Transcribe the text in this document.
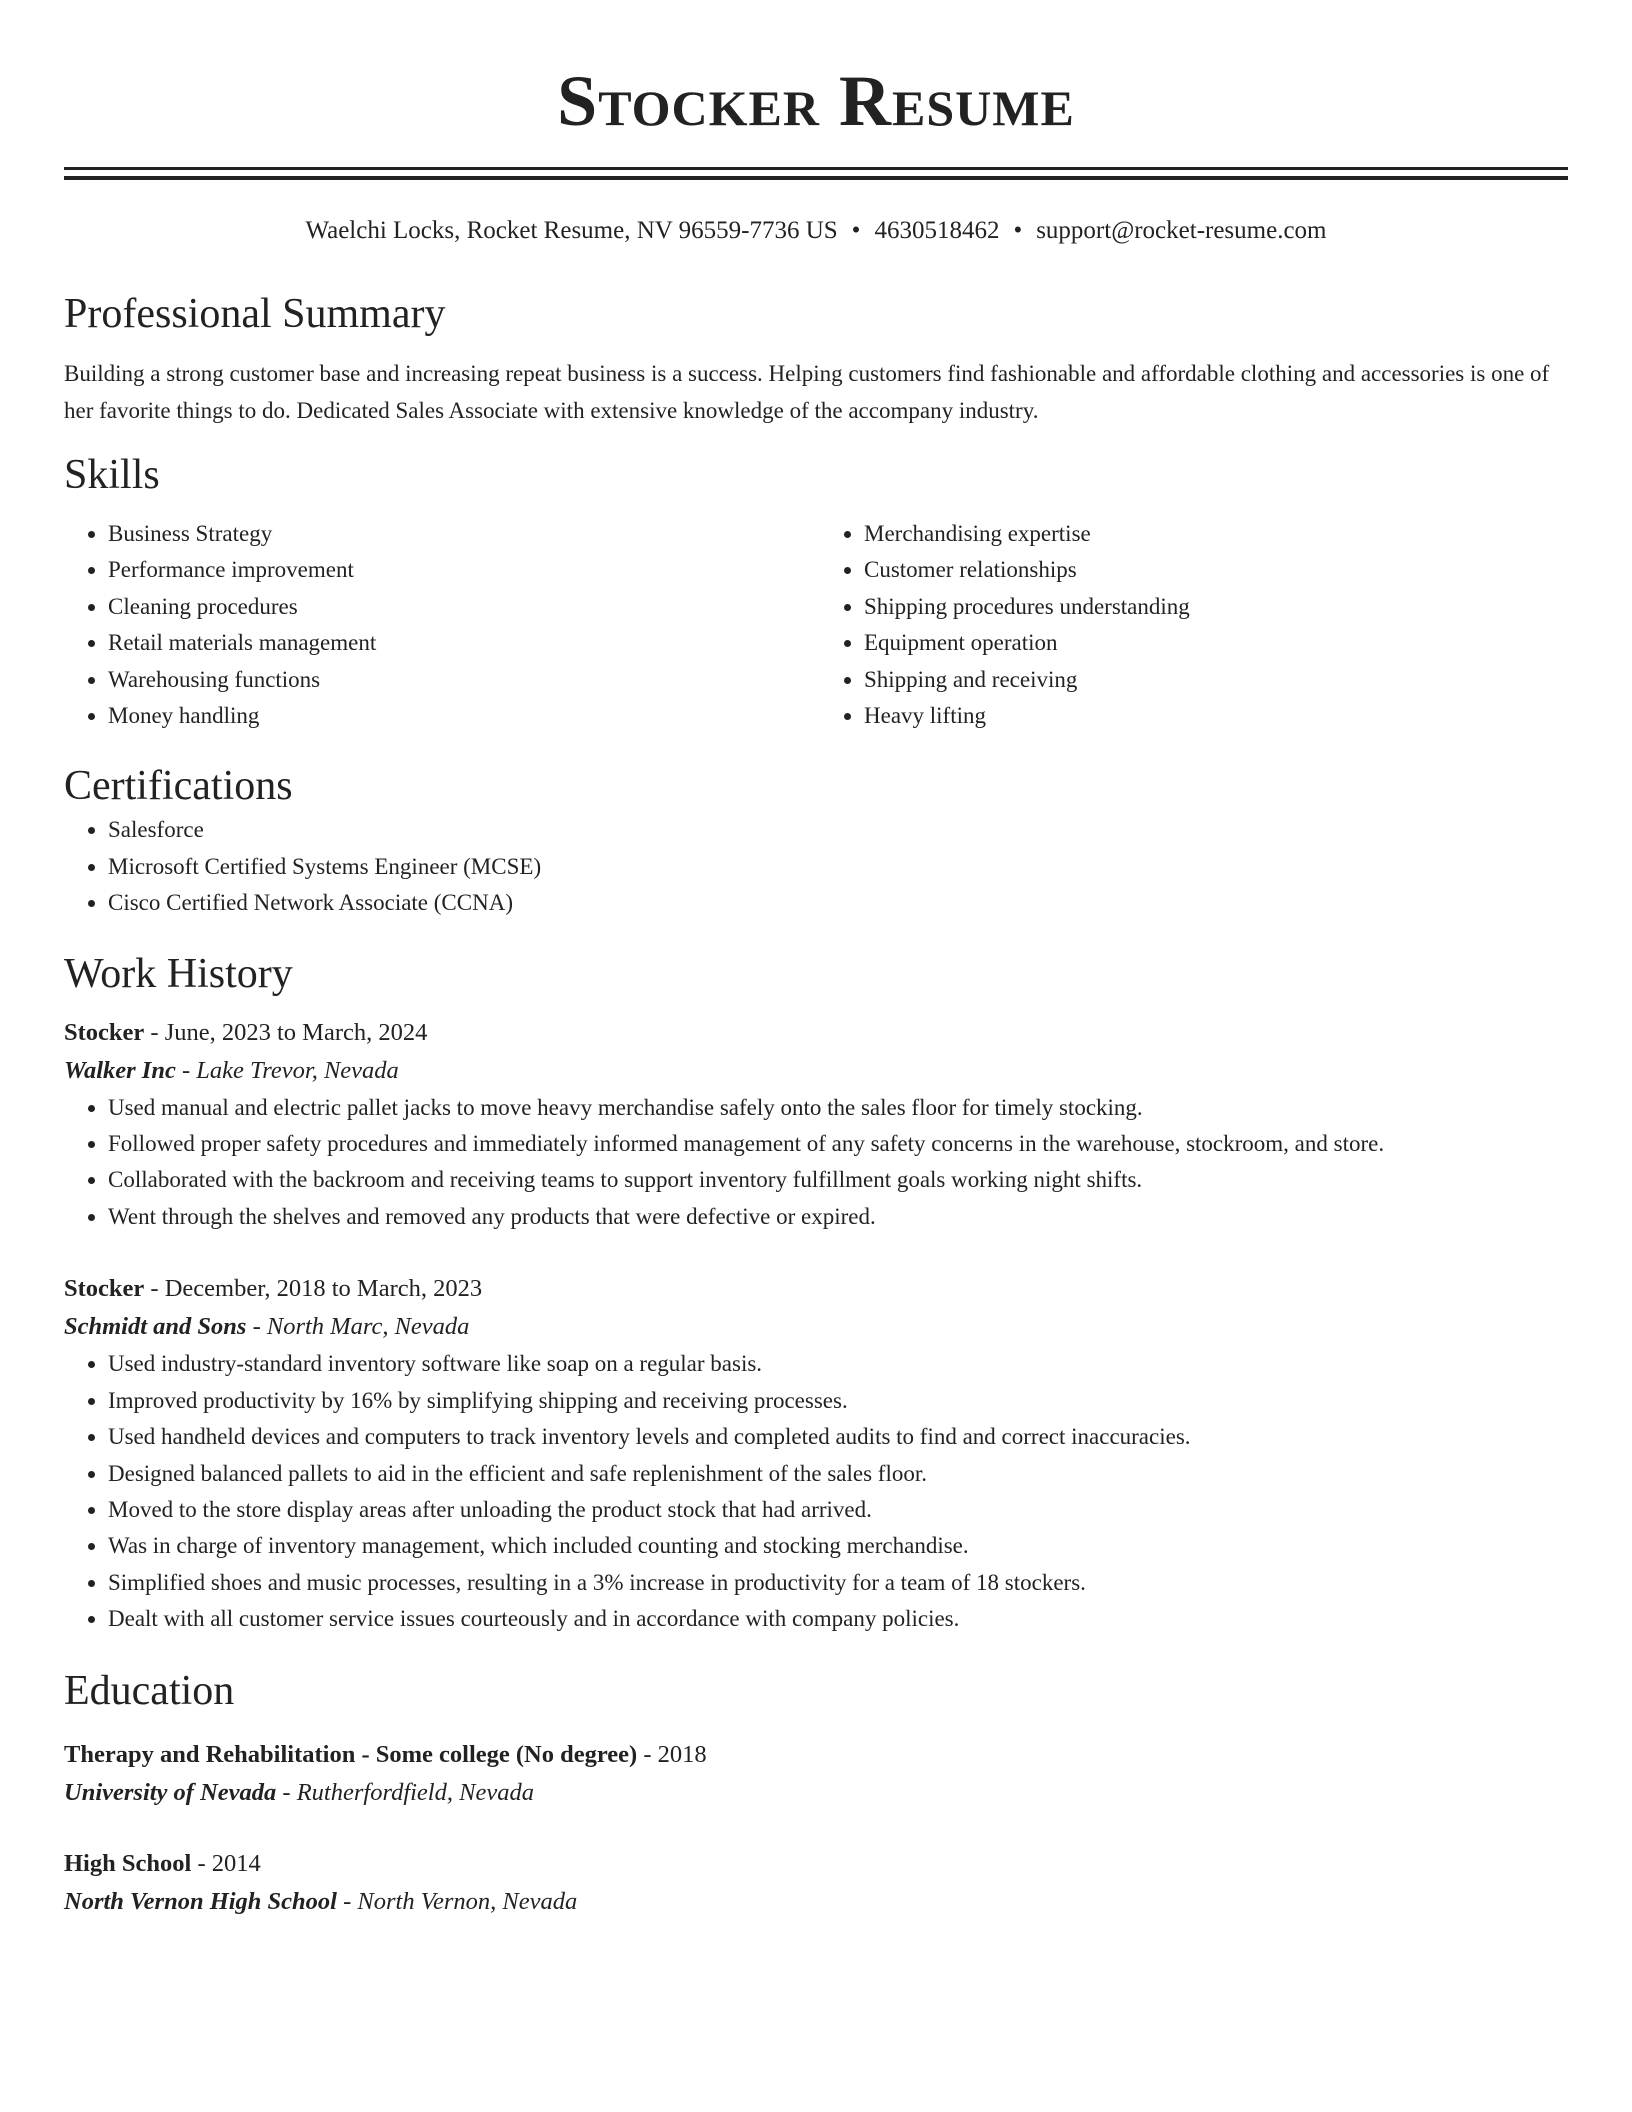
Stocker Resume
Waelchi Locks, Rocket Resume, NV 96559-7736 US • 4630518462 • support@rocket-resume.com
Professional Summary

Building a strong customer base and increasing repeat business is a success. Helping customers find fashionable and affordable clothing and accessories is one of her favorite things to do. Dedicated Sales Associate with extensive knowledge of the accompany industry.

Skills
• Business Strategy
• Performance improvement
• Cleaning procedures
• Retail materials management
• Warehousing functions
• Money handling
• Merchandising expertise
• Customer relationships
• Shipping procedures understanding
• Equipment operation
• Shipping and receiving
• Heavy lifting
Certifications
• Salesforce
• Microsoft Certified Systems Engineer (MCSE)
• Cisco Certified Network Associate (CCNA)
Work History
Stocker - June, 2023 to March, 2024
Walker Inc - Lake Trevor, Nevada
• Used manual and electric pallet jacks to move heavy merchandise safely onto the sales floor for timely stocking.
• Followed proper safety procedures and immediately informed management of any safety concerns in the warehouse, stockroom, and store.
• Collaborated with the backroom and receiving teams to support inventory fulfillment goals working night shifts.
• Went through the shelves and removed any products that were defective or expired.
Stocker - December, 2018 to March, 2023
Schmidt and Sons - North Marc, Nevada
• Used industry-standard inventory software like soap on a regular basis.
• Improved productivity by 16% by simplifying shipping and receiving processes.
• Used handheld devices and computers to track inventory levels and completed audits to find and correct inaccuracies.
• Designed balanced pallets to aid in the efficient and safe replenishment of the sales floor.
• Moved to the store display areas after unloading the product stock that had arrived.
• Was in charge of inventory management, which included counting and stocking merchandise.
• Simplified shoes and music processes, resulting in a 3% increase in productivity for a team of 18 stockers.
• Dealt with all customer service issues courteously and in accordance with company policies.
Education
Therapy and Rehabilitation - Some college (No degree) - 2018
University of Nevada - Rutherfordfield, Nevada
High School - 2014
North Vernon High School - North Vernon, Nevada
